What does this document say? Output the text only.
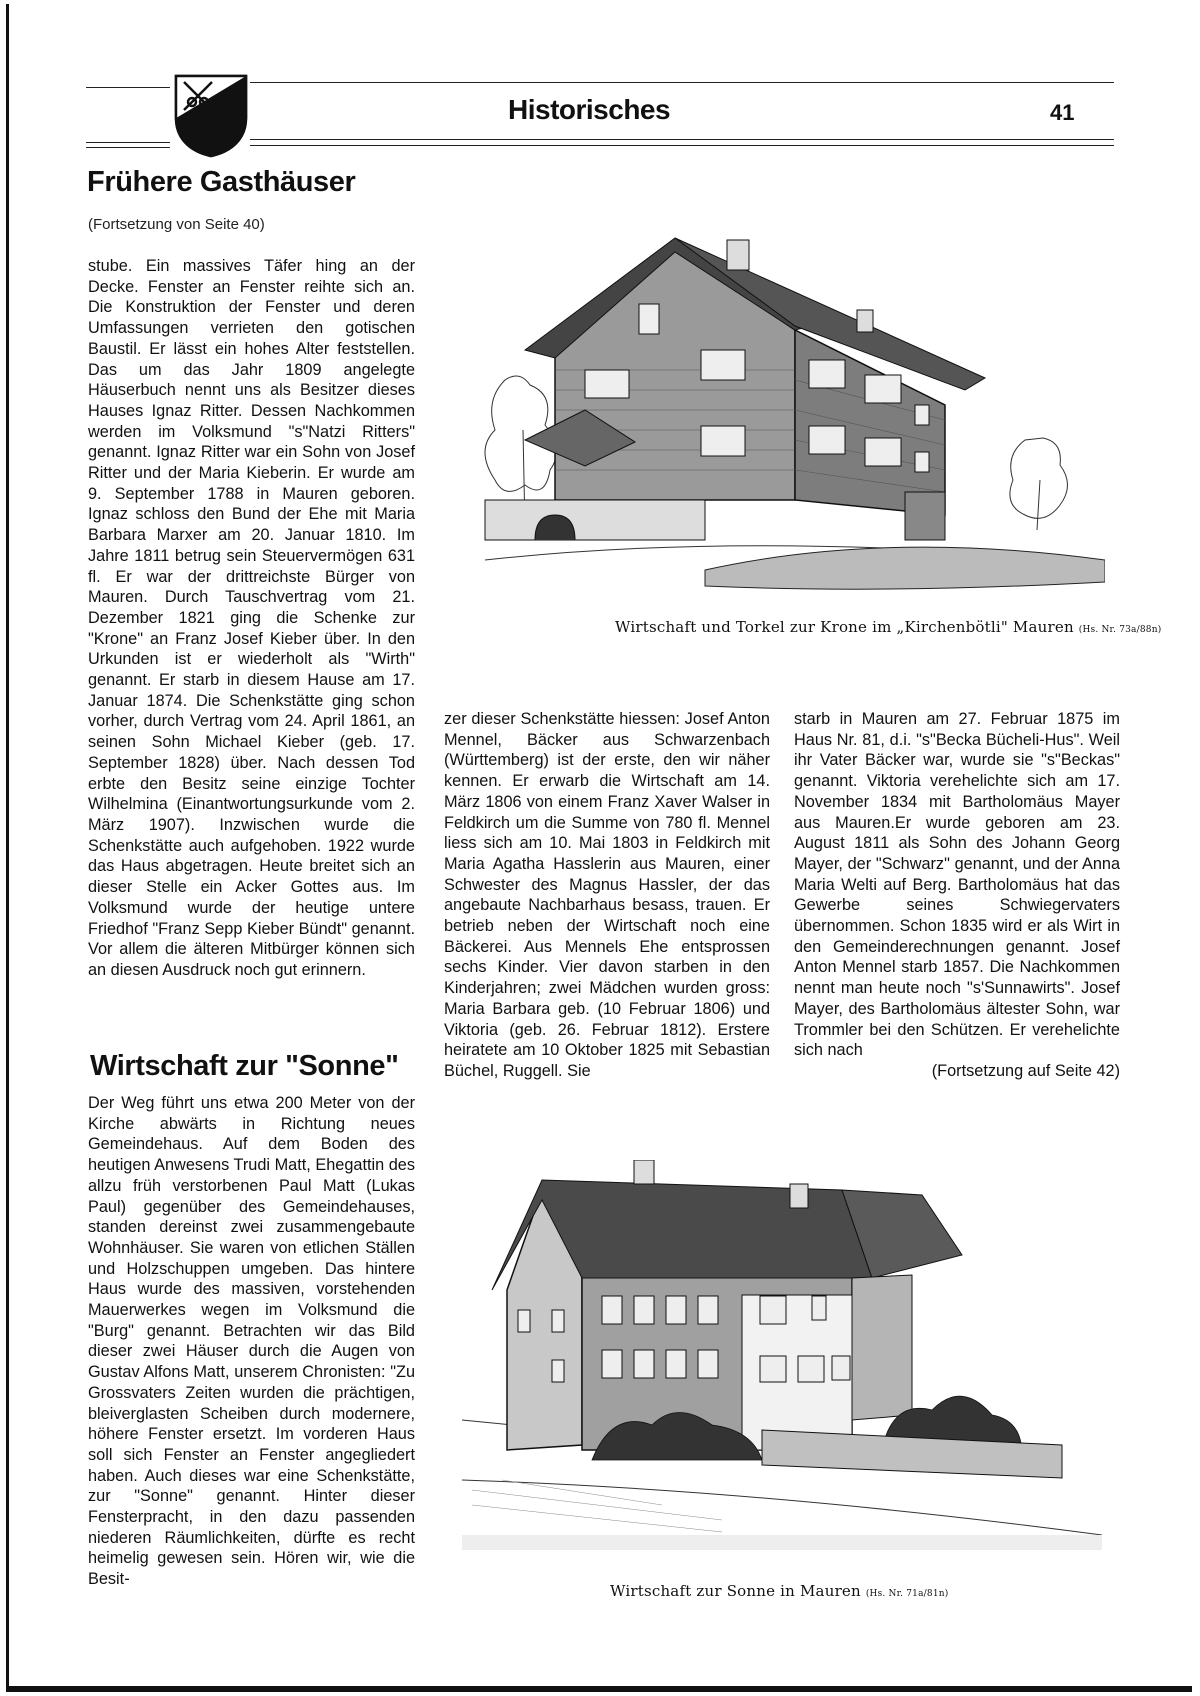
Historisches	41
Frühere Gasthäuser
(Fortsetzung von Seite 40)

stube. Ein massives Täfer hing an der Decke. Fenster an Fenster reihte sich an. Die Konstruktion der Fenster und deren Umfassungen verrieten den gotischen Baustil. Er lässt ein hohes Alter feststellen. Das um das Jahr 1809 angelegte Häuserbuch nennt uns als Besitzer dieses Hauses Ignaz Ritter. Dessen Nachkommen werden im Volksmund "s"Natzi Ritters" genannt. Ignaz Ritter war ein Sohn von Josef Ritter und der Maria Kieberin. Er wurde am 9. September 1788 in Mauren geboren. Ignaz schloss den Bund der Ehe mit Maria Barbara Marxer am 20. Januar 1810. Im Jahre 1811 betrug sein Steuervermögen 631 fl. Er war der drittreichste Bürger von Mauren. Durch Tauschvertrag vom 21. Dezember 1821 ging die Schenke zur "Krone" an Franz Josef Kieber über. In den Urkunden ist er wiederholt als "Wirth" genannt. Er starb in diesem Hause am 17. Januar 1874. Die Schenkstätte ging schon vorher, durch Vertrag vom 24. April 1861, an seinen Sohn Michael Kieber (geb. 17. September 1828) über. Nach dessen Tod erbte den Besitz seine einzige Tochter Wilhelmina (Einantwortungsurkunde vom 2. März 1907). Inzwischen wurde die Schenkstätte auch aufgehoben. 1922 wurde das Haus abgetragen. Heute breitet sich an dieser Stelle ein Acker Gottes aus. Im Volksmund wurde der heutige untere Friedhof "Franz Sepp Kieber Bündt" genannt. Vor allem die älteren Mitbürger können sich an diesen Ausdruck noch gut erinnern.

Wirtschaft zur "Sonne"

Der Weg führt uns etwa 200 Meter von der Kirche abwärts in Richtung neues Gemeindehaus. Auf dem Boden des heutigen Anwesens Trudi Matt, Ehegattin des allzu früh verstorbenen Paul Matt (Lukas Paul) gegenüber des Gemeindehauses, standen dereinst zwei zusammengebaute Wohnhäuser. Sie waren von etlichen Ställen und Holzschuppen umgeben. Das hintere Haus wurde des massiven, vorstehenden Mauerwerkes wegen im Volksmund die "Burg" genannt. Betrachten wir das Bild dieser zwei Häuser durch die Augen von Gustav Alfons Matt, unserem Chronisten: "Zu Grossvaters Zeiten wurden die prächtigen, bleiverglasten Scheiben durch modernere, höhere Fenster ersetzt. Im vorderen Haus soll sich Fenster an Fenster angegliedert haben. Auch dieses war eine Schenkstätte, zur "Sonne" genannt. Hinter dieser Fensterpracht, in den dazu passenden niederen Räumlichkeiten, dürfte es recht heimelig gewesen sein. Hören wir, wie die Besit-

zer dieser Schenkstätte hiessen: Josef Anton Mennel, Bäcker aus Schwarzenbach (Württemberg) ist der erste, den wir näher kennen. Er erwarb die Wirtschaft am 14. März 1806 von einem Franz Xaver Walser in Feldkirch um die Summe von 780 fl. Mennel liess sich am 10. Mai 1803 in Feldkirch mit Maria Agatha Hasslerin aus Mauren, einer Schwester des Magnus Hassler, der das angebaute Nachbarhaus besass, trauen. Er betrieb neben der Wirtschaft noch eine Bäckerei. Aus Mennels Ehe entsprossen sechs Kinder. Vier davon starben in den Kinderjahren; zwei Mädchen wurden gross: Maria Barbara geb. (10 Februar 1806) und Viktoria (geb. 26. Februar 1812). Erstere heiratete am 10 Oktober 1825 mit Sebastian Büchel, Ruggell. Sie

starb in Mauren am 27. Februar 1875 im Haus Nr. 81, d.i. "s"Becka Bücheli-Hus". Weil ihr Vater Bäcker war, wurde sie "s"Beckas" genannt. Viktoria verehelichte sich am 17. November 1834 mit Bartholomäus Mayer aus Mauren.Er wurde geboren am 23. August 1811 als Sohn des Johann Georg Mayer, der "Schwarz" genannt, und der Anna Maria Welti auf Berg. Bartholomäus hat das Gewerbe seines Schwiegervaters übernommen. Schon 1835 wird er als Wirt in den Gemeinderechnungen genannt. Josef Anton Mennel starb 1857. Die Nachkommen nennt man heute noch "s'Sunnawirts". Josef Mayer, des Bartholomäus ältester Sohn, war Trommler bei den Schützen. Er verehelichte sich nach

(Fortsetzung auf Seite 42)
Wirtschaft und Torkel zur Krone im „Kirchenbötli" Mauren (Hs. Nr. 73a/88n)
Wirtschaft zur Sonne in Mauren (Hs. Nr. 71a/81n)
